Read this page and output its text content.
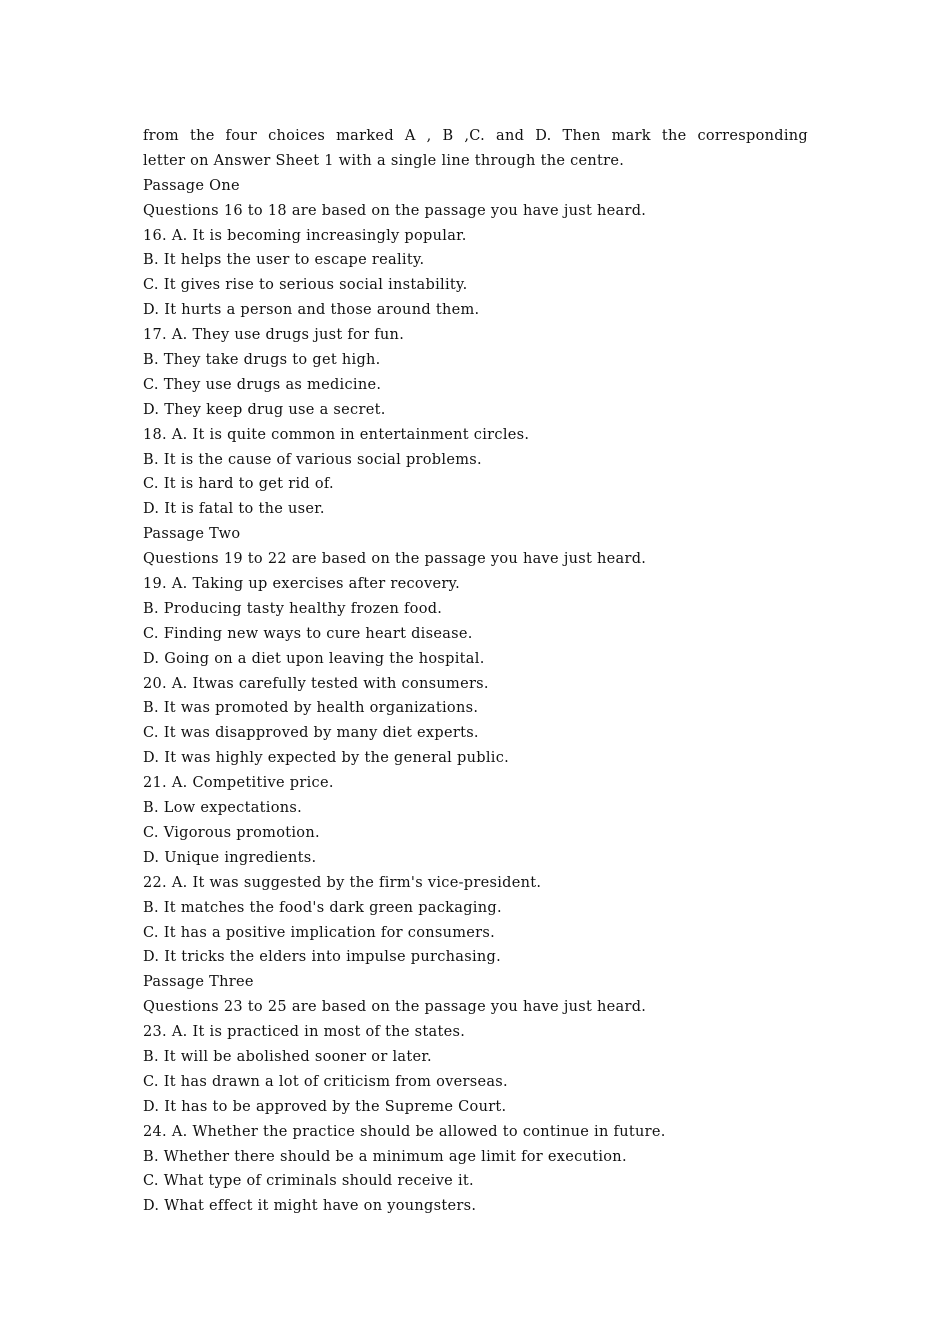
from the four choices marked A , B ,C. and D. Then mark the corresponding
letter on Answer Sheet 1 with a single line through the centre.
Passage One
Questions 16 to 18 are based on the passage you have just heard.
16. A. It is becoming increasingly popular.
B. It helps the user to escape reality.
C. It gives rise to serious social instability.
D. It hurts a person and those around them.
17. A. They use drugs just for fun.
B. They take drugs to get high.
C. They use drugs as medicine.
D. They keep drug use a secret.
18. A. It is quite common in entertainment circles.
B. It is the cause of various social problems.
C. It is hard to get rid of.
D. It is fatal to the user.
Passage Two
Questions 19 to 22 are based on the passage you have just heard.
19. A. Taking up exercises after recovery.
B. Producing tasty healthy frozen food.
C. Finding new ways to cure heart disease.
D. Going on a diet upon leaving the hospital.
20. A. Itwas carefully tested with consumers.
B. It was promoted by health organizations.
C. It was disapproved by many diet experts.
D. It was highly expected by the general public.
21. A. Competitive price.
B. Low expectations.
C. Vigorous promotion.
D. Unique ingredients.
22. A. It was suggested by the firm's vice-president.
B. It matches the food's dark green packaging.
C. It has a positive implication for consumers.
D. It tricks the elders into impulse purchasing.
Passage Three
Questions 23 to 25 are based on the passage you have just heard.
23. A. It is practiced in most of the states.
B. It will be abolished sooner or later.
C. It has drawn a lot of criticism from overseas.
D. It has to be approved by the Supreme Court.
24. A. Whether the practice should be allowed to continue in future.
B. Whether there should be a minimum age limit for execution.
C. What type of criminals should receive it.
D. What effect it might have on youngsters.
